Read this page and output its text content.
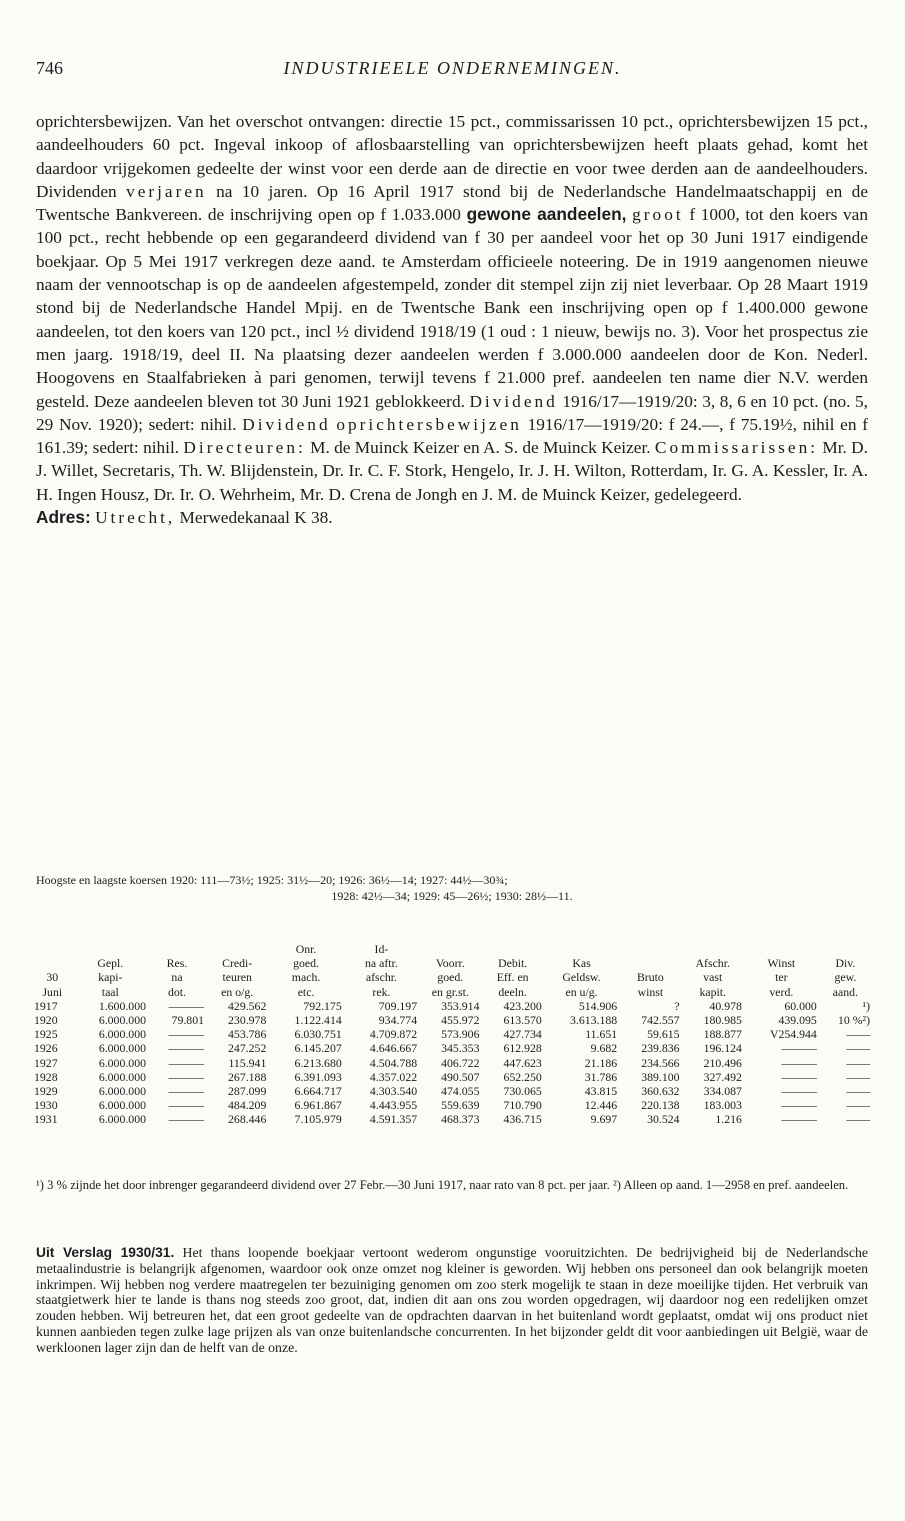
746	INDUSTRIEELE ONDERNEMINGEN.

oprichtersbewijzen. Van het overschot ontvangen: directie 15 pct., commissarissen 10 pct., oprichtersbewijzen 15 pct., aandeelhouders 60 pct. Ingeval inkoop of aflosbaarstelling van oprichtersbewijzen heeft plaats gehad, komt het daardoor vrijgekomen gedeelte der winst voor een derde aan de directie en voor twee derden aan de aandeelhouders. Dividenden verjaren na 10 jaren. Op 16 April 1917 stond bij de Nederlandsche Handelmaatschappij en de Twentsche Bankvereen. de inschrijving open op f 1.033.000 gewone aandeelen, groot f 1000, tot den koers van 100 pct., recht hebbende op een gegarandeerd dividend van f 30 per aandeel voor het op 30 Juni 1917 eindigende boekjaar. Op 5 Mei 1917 verkregen deze aand. te Amsterdam officieele noteering. De in 1919 aangenomen nieuwe naam der vennootschap is op de aandeelen afgestempeld, zonder dit stempel zijn zij niet leverbaar. Op 28 Maart 1919 stond bij de Nederlandsche Handel Mpij. en de Twentsche Bank een inschrijving open op f 1.400.000 gewone aandeelen, tot den koers van 120 pct., incl ½ dividend 1918/19 (1 oud : 1 nieuw, bewijs no. 3). Voor het prospectus zie men jaarg. 1918/19, deel II. Na plaatsing dezer aandeelen werden f 3.000.000 aandeelen door de Kon. Nederl. Hoogovens en Staalfabrieken à pari genomen, terwijl tevens f 21.000 pref. aandeelen ten name dier N.V. werden gesteld. Deze aandeelen bleven tot 30 Juni 1921 geblokkeerd. Dividend 1916/17—1919/20: 3, 8, 6 en 10 pct. (no. 5, 29 Nov. 1920); sedert: nihil. Dividend oprichtersbewijzen 1916/17—1919/20: f 24.—, f 75.19½, nihil en f 161.39; sedert: nihil. Directeuren: M. de Muinck Keizer en A. S. de Muinck Keizer. Commissarissen: Mr. D. J. Willet, Secretaris, Th. W. Blijdenstein, Dr. Ir. C. F. Stork, Hengelo, Ir. J. H. Wilton, Rotterdam, Ir. G. A. Kessler, Ir. A. H. Ingen Housz, Dr. Ir. O. Wehrheim, Mr. D. Crena de Jongh en J. M. de Muinck Keizer, gedelegeerd.
Adres: Utrecht, Merwedekanaal K 38.

Hoogste en laagste koersen 1920: 111—73½; 1925: 31½—20; 1926: 36½—14; 1927: 44½—30¾;
1928: 42½—34; 1929: 45—26½; 1930: 28½—11.

				Onr.	Id-							
	Gepl.	Res.	Credi-	goed.	na aftr.	Voorr.	Debit.	Kas		Afschr.	Winst	Div.
30	kapi-	na	teuren	mach.	afschr.	goed.	Eff. en	Geldsw.	Bruto	vast	ter	gew.
Juni	taal	dot.	en o/g.	etc.	rek.	en gr.st.	deeln.	en u/g.	winst	kapit.	verd.	aand.
1917	1.600.000	———	429.562	792.175	709.197	353.914	423.200	514.906	?	40.978	60.000	¹)
1920	6.000.000	79.801	230.978	1.122.414	934.774	455.972	613.570	3.613.188	742.557	180.985	439.095	10 %²)
1925	6.000.000	———	453.786	6.030.751	4.709.872	573.906	427.734	11.651	59.615	188.877	V254.944	——
1926	6.000.000	———	247.252	6.145.207	4.646.667	345.353	612.928	9.682	239.836	196.124	———	——
1927	6.000.000	———	115.941	6.213.680	4.504.788	406.722	447.623	21.186	234.566	210.496	———	——
1928	6.000.000	———	267.188	6.391.093	4.357.022	490.507	652.250	31.786	389.100	327.492	———	——
1929	6.000.000	———	287.099	6.664.717	4.303.540	474.055	730.065	43.815	360.632	334.087	———	——
1930	6.000.000	———	484.209	6.961.867	4.443.955	559.639	710.790	12.446	220.138	183.003	———	——
1931	6.000.000	———	268.446	7.105.979	4.591.357	468.373	436.715	9.697	30.524	1.216	———	——

¹) 3 % zijnde het door inbrenger gegarandeerd dividend over 27 Febr.—30 Juni 1917, naar rato van 8 pct. per jaar. ²) Alleen op aand. 1—2958 en pref. aandeelen.

Uit Verslag 1930/31. Het thans loopende boekjaar vertoont wederom ongunstige vooruitzichten. De bedrijvigheid bij de Nederlandsche metaalindustrie is belangrijk afgenomen, waardoor ook onze omzet nog kleiner is geworden. Wij hebben ons personeel dan ook belangrijk moeten inkrimpen. Wij hebben nog verdere maatregelen ter bezuiniging genomen om zoo sterk mogelijk te staan in deze moeilijke tijden. Het verbruik van staatgietwerk hier te lande is thans nog steeds zoo groot, dat, indien dit aan ons zou worden opgedragen, wij daardoor nog een redelijken omzet zouden hebben. Wij betreuren het, dat een groot gedeelte van de opdrachten daarvan in het buitenland wordt geplaatst, omdat wij ons product niet kunnen aanbieden tegen zulke lage prijzen als van onze buitenlandsche concurrenten. In het bijzonder geldt dit voor aanbiedingen uit België, waar de werkloonen lager zijn dan de helft van de onze.
